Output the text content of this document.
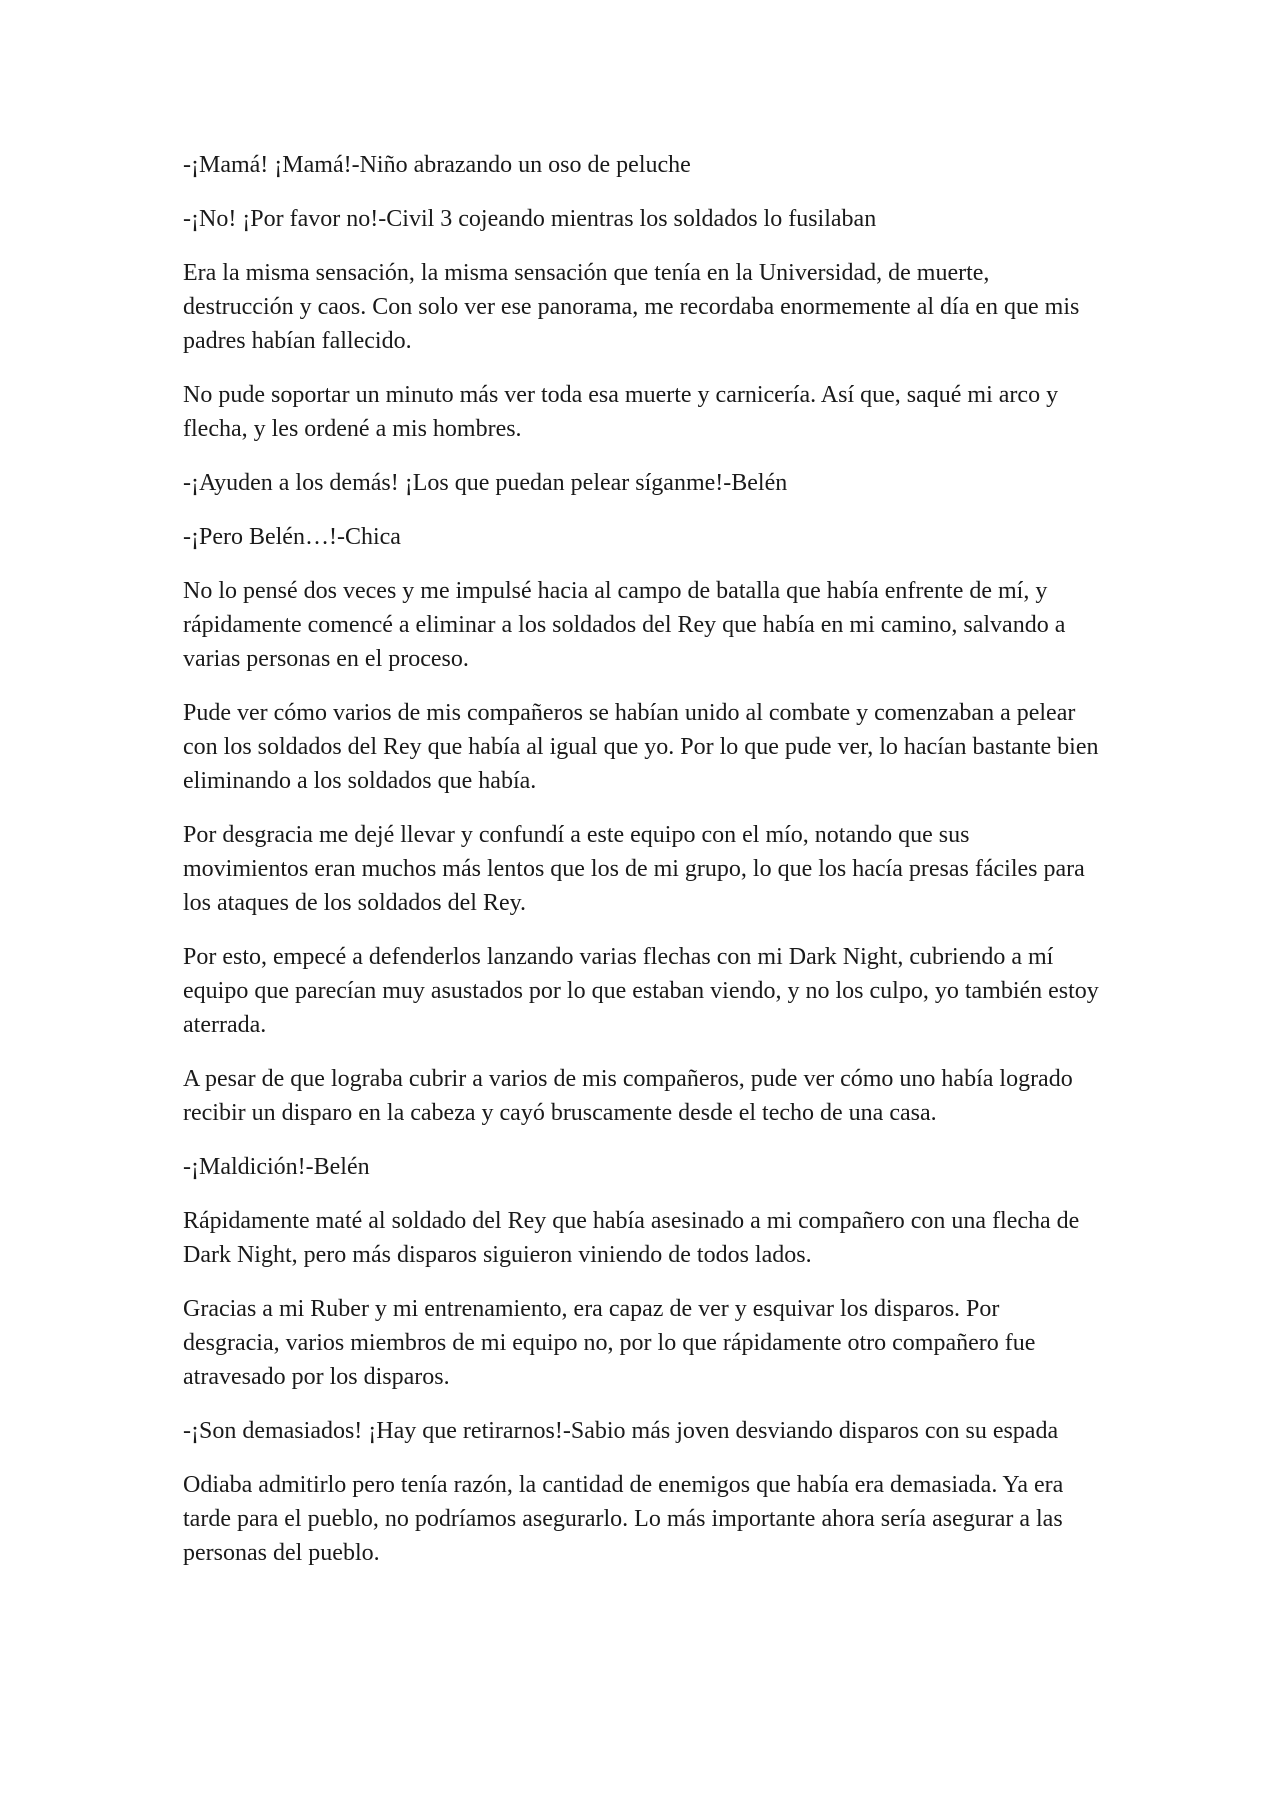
-¡Mamá! ¡Mamá!-Niño abrazando un oso de peluche

-¡No! ¡Por favor no!-Civil 3 cojeando mientras los soldados lo fusilaban

Era la misma sensación, la misma sensación que tenía en la Universidad, de muerte, destrucción y caos. Con solo ver ese panorama, me recordaba enormemente al día en que mis padres habían fallecido.

No pude soportar un minuto más ver toda esa muerte y carnicería. Así que, saqué mi arco y flecha, y les ordené a mis hombres.

-¡Ayuden a los demás! ¡Los que puedan pelear síganme!-Belén

-¡Pero Belén…!-Chica

No lo pensé dos veces y me impulsé hacia al campo de batalla que había enfrente de mí, y rápidamente comencé a eliminar a los soldados del Rey que había en mi camino, salvando a varias personas en el proceso.

Pude ver cómo varios de mis compañeros se habían unido al combate y comenzaban a pelear con los soldados del Rey que había al igual que yo. Por lo que pude ver, lo hacían bastante bien eliminando a los soldados que había.

Por desgracia me dejé llevar y confundí a este equipo con el mío, notando que sus movimientos eran muchos más lentos que los de mi grupo, lo que los hacía presas fáciles para los ataques de los soldados del Rey.

Por esto, empecé a defenderlos lanzando varias flechas con mi Dark Night, cubriendo a mí equipo que parecían muy asustados por lo que estaban viendo, y no los culpo, yo también estoy aterrada.

A pesar de que lograba cubrir a varios de mis compañeros, pude ver cómo uno había logrado recibir un disparo en la cabeza y cayó bruscamente desde el techo de una casa.

-¡Maldición!-Belén

Rápidamente maté al soldado del Rey que había asesinado a mi compañero con una flecha de Dark Night, pero más disparos siguieron viniendo de todos lados.

Gracias a mi Ruber y mi entrenamiento, era capaz de ver y esquivar los disparos. Por desgracia, varios miembros de mi equipo no, por lo que rápidamente otro compañero fue atravesado por los disparos.

-¡Son demasiados! ¡Hay que retirarnos!-Sabio más joven desviando disparos con su espada

Odiaba admitirlo pero tenía razón, la cantidad de enemigos que había era demasiada. Ya era tarde para el pueblo, no podríamos asegurarlo. Lo más importante ahora sería asegurar a las personas del pueblo.
